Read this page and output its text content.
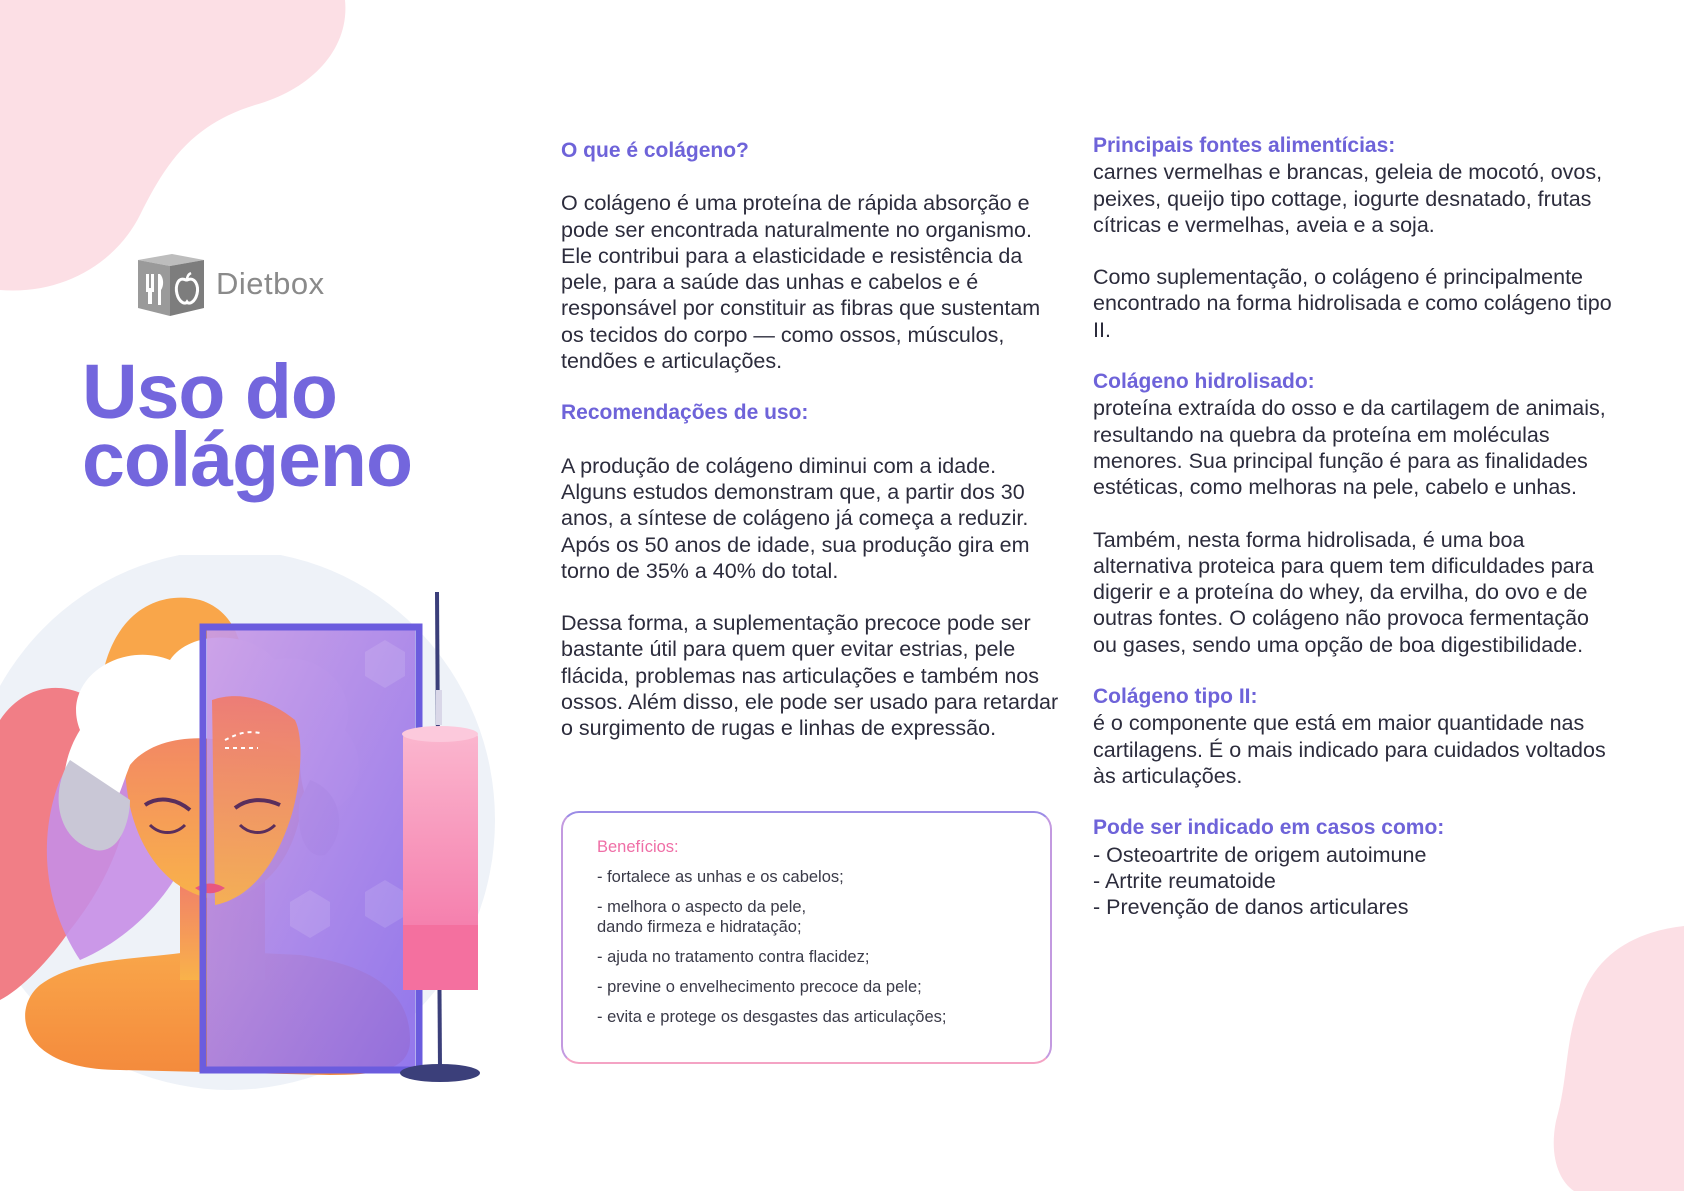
Dietbox
Uso do
colágeno
O que é colágeno?

O colágeno é uma proteína de rápida absorção e pode ser encontrada naturalmente no organismo. Ele contribui para a elasticidade e resistência da pele, para a saúde das unhas e cabelos e é responsável por constituir as fibras que sustentam os tecidos do corpo — como ossos, músculos, tendões e articulações.

Recomendações de uso:

A produção de colágeno diminui com a idade. Alguns estudos demonstram que, a partir dos 30 anos, a síntese de colágeno já começa a reduzir. Após os 50 anos de idade, sua produção gira em torno de 35% a 40% do total.

Dessa forma, a suplementação precoce pode ser bastante útil para quem quer evitar estrias, pele flácida, problemas nas articulações e também nos ossos. Além disso, ele pode ser usado para retardar o surgimento de rugas e linhas de expressão.

Benefícios:
- fortalece as unhas e os cabelos;
- melhora o aspecto da pele,
dando firmeza e hidratação;
- ajuda no tratamento contra flacidez;
- previne o envelhecimento precoce da pele;
- evita e protege os desgastes das articulações;
Principais fontes alimentícias:

carnes vermelhas e brancas, geleia de mocotó, ovos, peixes, queijo tipo cottage, iogurte desnatado, frutas cítricas e vermelhas, aveia e a soja.

Como suplementação, o colágeno é principalmente encontrado na forma hidrolisada e como colágeno tipo II.

Colágeno hidrolisado:

proteína extraída do osso e da cartilagem de animais, resultando na quebra da proteína em moléculas menores. Sua principal função é para as finalidades estéticas, como melhoras na pele, cabelo e unhas.

Também, nesta forma hidrolisada, é uma boa alternativa proteica para quem tem dificuldades para digerir e a proteína do whey, da ervilha, do ovo e de outras fontes. O colágeno não provoca fermentação ou gases, sendo uma opção de boa digestibilidade.

Colágeno tipo II:

é o componente que está em maior quantidade nas cartilagens. É o mais indicado para cuidados voltados às articulações.

Pode ser indicado em casos como:
- Osteoartrite de origem autoimune
- Artrite reumatoide
- Prevenção de danos articulares
